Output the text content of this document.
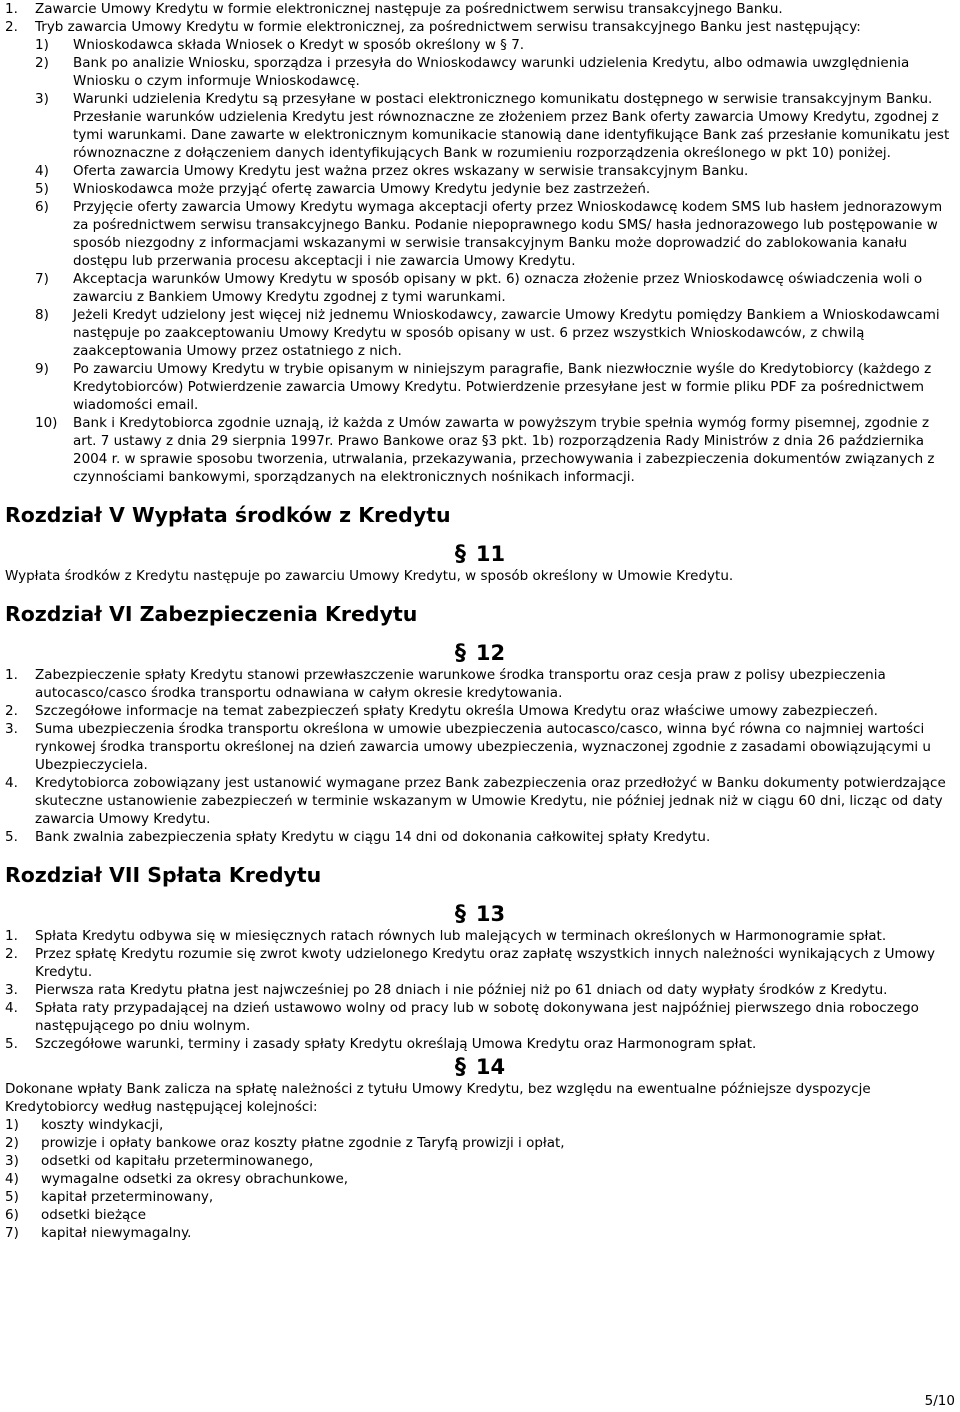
1.	Zawarcie Umowy Kredytu w formie elektronicznej następuje za pośrednictwem serwisu transakcyjnego Banku.
2.	Tryb zawarcia Umowy Kredytu w formie elektronicznej, za pośrednictwem serwisu transakcyjnego Banku jest następujący:
1)	Wnioskodawca składa Wniosek o Kredyt w sposób określony w § 7.
2)	Bank po analizie Wniosku, sporządza i przesyła do Wnioskodawcy warunki udzielenia Kredytu, albo odmawia uwzględnienia Wniosku o czym informuje Wnioskodawcę.
3)	Warunki udzielenia Kredytu są przesyłane w postaci elektronicznego komunikatu dostępnego w serwisie transakcyjnym Banku. Przesłanie warunków udzielenia Kredytu jest równoznaczne ze złożeniem przez Bank oferty zawarcia Umowy Kredytu, zgodnej z tymi warunkami. Dane zawarte w elektronicznym komunikacie stanowią dane identyfikujące Bank zaś przesłanie komunikatu jest równoznaczne z dołączeniem danych identyfikujących Bank w rozumieniu rozporządzenia określonego w pkt 10) poniżej.
4)	Oferta zawarcia Umowy Kredytu jest ważna przez okres wskazany w serwisie transakcyjnym Banku.
5)	Wnioskodawca może przyjąć ofertę zawarcia Umowy Kredytu jedynie bez zastrzeżeń.
6)	Przyjęcie oferty zawarcia Umowy Kredytu wymaga akceptacji oferty przez Wnioskodawcę kodem SMS lub hasłem jednorazowym za pośrednictwem serwisu transakcyjnego Banku. Podanie niepoprawnego kodu SMS/ hasła jednorazowego lub postępowanie w sposób niezgodny z informacjami wskazanymi w serwisie transakcyjnym Banku może doprowadzić do zablokowania kanału dostępu lub przerwania procesu akceptacji i nie zawarcia Umowy Kredytu.
7)	Akceptacja warunków Umowy Kredytu w sposób opisany w pkt. 6) oznacza złożenie przez Wnioskodawcę oświadczenia woli o zawarciu z Bankiem Umowy Kredytu zgodnej z tymi warunkami.
8)	Jeżeli Kredyt udzielony jest więcej niż jednemu Wnioskodawcy, zawarcie Umowy Kredytu pomiędzy Bankiem a Wnioskodawcami następuje po zaakceptowaniu Umowy Kredytu w sposób opisany w ust. 6 przez wszystkich Wnioskodawców, z chwilą zaakceptowania Umowy przez ostatniego z nich.
9)	Po zawarciu Umowy Kredytu w trybie opisanym w niniejszym paragrafie, Bank niezwłocznie wyśle do Kredytobiorcy (każdego z Kredytobiorców) Potwierdzenie zawarcia Umowy Kredytu. Potwierdzenie przesyłane jest w formie pliku PDF za pośrednictwem wiadomości email.
10)	Bank i Kredytobiorca zgodnie uznają, iż każda z Umów zawarta w powyższym trybie spełnia wymóg formy pisemnej, zgodnie z art. 7 ustawy z dnia 29 sierpnia 1997r. Prawo Bankowe oraz §3 pkt. 1b) rozporządzenia Rady Ministrów z dnia 26 października 2004 r. w sprawie sposobu tworzenia, utrwalania, przekazywania, przechowywania i zabezpieczenia dokumentów związanych z czynnościami bankowymi, sporządzanych na elektronicznych nośnikach informacji.
Rozdział V Wypłata środków z Kredytu
§ 11

Wypłata środków z Kredytu następuje po zawarciu Umowy Kredytu, w sposób określony w Umowie Kredytu.

Rozdział VI Zabezpieczenia Kredytu
§ 12
1.	Zabezpieczenie spłaty Kredytu stanowi przewłaszczenie warunkowe środka transportu oraz cesja praw z polisy ubezpieczenia autocasco/casco środka transportu odnawiana w całym okresie kredytowania.
2.	Szczegółowe informacje na temat zabezpieczeń spłaty Kredytu określa Umowa Kredytu oraz właściwe umowy zabezpieczeń.
3.	Suma ubezpieczenia środka transportu określona w umowie ubezpieczenia autocasco/casco, winna być równa co najmniej wartości rynkowej środka transportu określonej na dzień zawarcia umowy ubezpieczenia, wyznaczonej zgodnie z zasadami obowiązującymi u Ubezpieczyciela.
4.	Kredytobiorca zobowiązany jest ustanowić wymagane przez Bank zabezpieczenia oraz przedłożyć w Banku dokumenty potwierdzające skuteczne ustanowienie zabezpieczeń w terminie wskazanym w Umowie Kredytu, nie później jednak niż w ciągu 60 dni, licząc od daty zawarcia Umowy Kredytu.
5.	Bank zwalnia zabezpieczenia spłaty Kredytu w ciągu 14 dni od dokonania całkowitej spłaty Kredytu.
Rozdział VII Spłata Kredytu
§ 13
1.	Spłata Kredytu odbywa się w miesięcznych ratach równych lub malejących w terminach określonych w Harmonogramie spłat.
2.	Przez spłatę Kredytu rozumie się zwrot kwoty udzielonego Kredytu oraz zapłatę wszystkich innych należności wynikających z Umowy Kredytu.
3.	Pierwsza rata Kredytu płatna jest najwcześniej po 28 dniach i nie później niż po 61 dniach od daty wypłaty środków z Kredytu.
4.	Spłata raty przypadającej na dzień ustawowo wolny od pracy lub w sobotę dokonywana jest najpóźniej pierwszego dnia roboczego następującego po dniu wolnym.
5.	Szczegółowe warunki, terminy i zasady spłaty Kredytu określają Umowa Kredytu oraz Harmonogram spłat.
§ 14

Dokonane wpłaty Bank zalicza na spłatę należności z tytułu Umowy Kredytu, bez względu na ewentualne późniejsze dyspozycje Kredytobiorcy według następującej kolejności:

1)	koszty windykacji,
2)	prowizje i opłaty bankowe oraz koszty płatne zgodnie z Taryfą prowizji i opłat,
3)	odsetki od kapitału przeterminowanego,
4)	wymagalne odsetki za okresy obrachunkowe,
5)	kapitał przeterminowany,
6)	odsetki bieżące
7)	kapitał niewymagalny.
5/10
